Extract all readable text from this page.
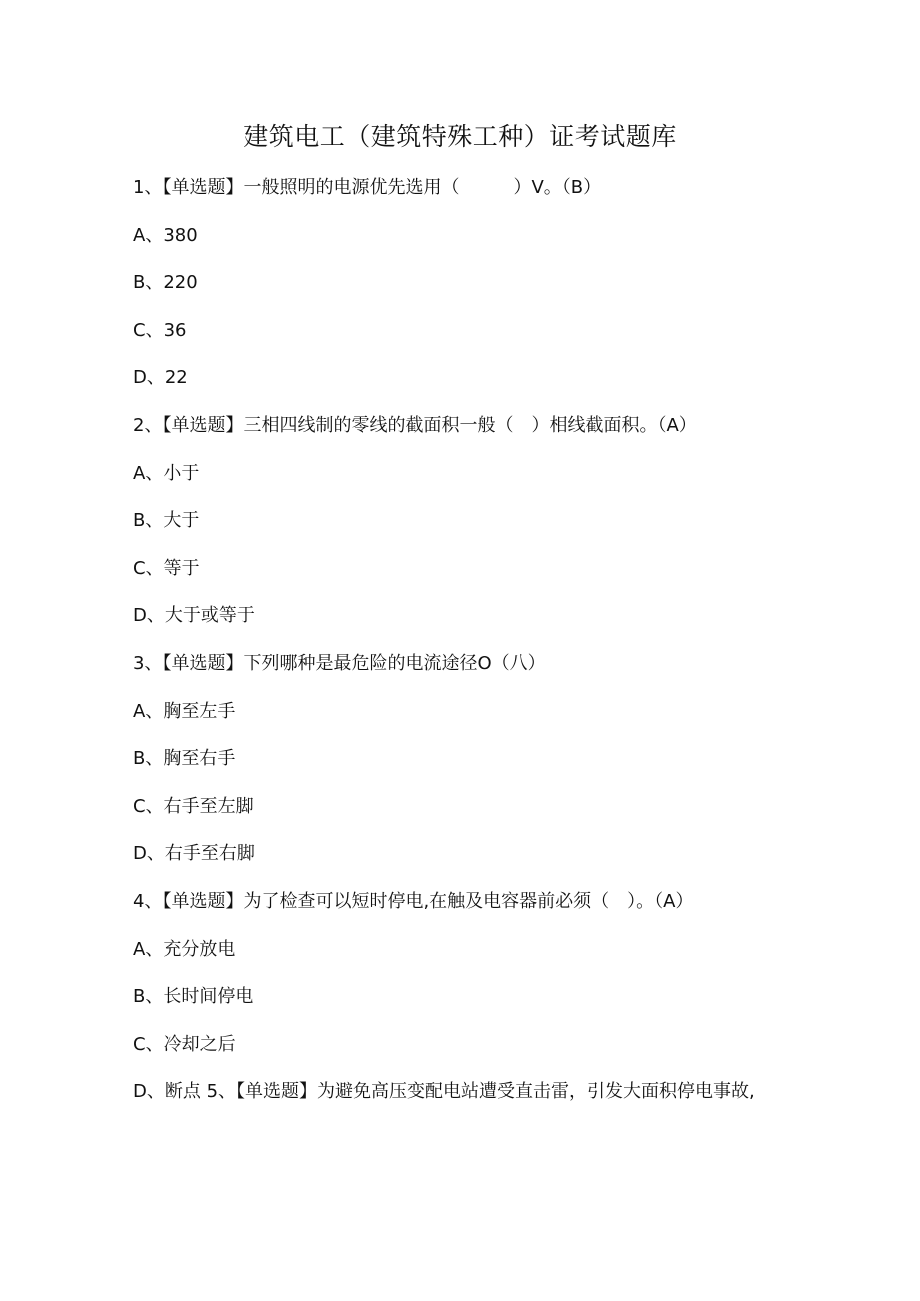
建筑电工（建筑特殊工种）证考试题库
1、【单选题】一般照明的电源优先选用（　　　）V。（B）
A、380
B、220
C、36
D、22
2、【单选题】三相四线制的零线的截面积一般（　）相线截面积。（A）
A、小于
B、大于
C、等于
D、大于或等于
3、【单选题】下列哪种是最危险的电流途径O（八）
A、胸至左手
B、胸至右手
C、右手至左脚
D、右手至右脚
4、【单选题】为了检查可以短时停电,在触及电容器前必须（　）。（A）
A、充分放电
B、长时间停电
C、冷却之后
D、断点 5、【单选题】为避免高压变配电站遭受直击雷，引发大面积停电事故,
